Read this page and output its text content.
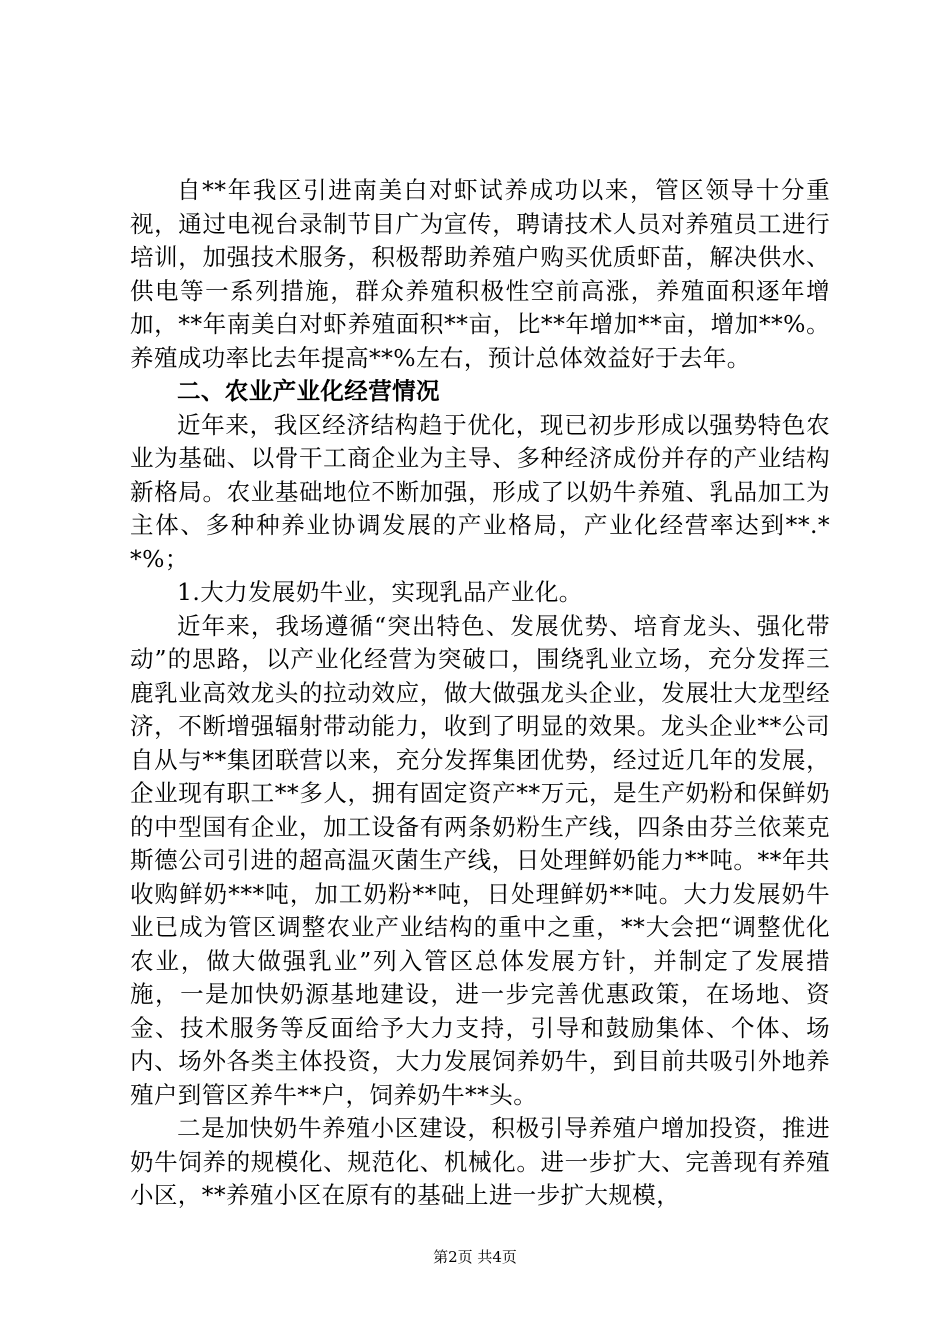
自**年我区引进南美白对虾试养成功以来，管区领导十分重视，通过电视台录制节目广为宣传，聘请技术人员对养殖员工进行培训，加强技术服务，积极帮助养殖户购买优质虾苗，解决供水、供电等一系列措施，群众养殖积极性空前高涨，养殖面积逐年增加，**年南美白对虾养殖面积**亩，比**年增加**亩，增加**%。养殖成功率比去年提高**%左右，预计总体效益好于去年。

二、农业产业化经营情况

近年来，我区经济结构趋于优化，现已初步形成以强势特色农业为基础、以骨干工商企业为主导、多种经济成份并存的产业结构新格局。农业基础地位不断加强，形成了以奶牛养殖、乳品加工为主体、多种种养业协调发展的产业格局，产业化经营率达到**.**%；

1.大力发展奶牛业，实现乳品产业化。

近年来，我场遵循“突出特色、发展优势、培育龙头、强化带动”的思路，以产业化经营为突破口，围绕乳业立场，充分发挥三鹿乳业高效龙头的拉动效应，做大做强龙头企业，发展壮大龙型经济，不断增强辐射带动能力，收到了明显的效果。龙头企业**公司自从与**集团联营以来，充分发挥集团优势，经过近几年的发展，企业现有职工**多人，拥有固定资产**万元，是生产奶粉和保鲜奶的中型国有企业，加工设备有两条奶粉生产线，四条由芬兰依莱克斯德公司引进的超高温灭菌生产线，日处理鲜奶能力**吨。**年共收购鲜奶***吨，加工奶粉**吨，日处理鲜奶**吨。大力发展奶牛业已成为管区调整农业产业结构的重中之重，**大会把“调整优化农业，做大做强乳业”列入管区总体发展方针，并制定了发展措施，一是加快奶源基地建设，进一步完善优惠政策，在场地、资金、技术服务等反面给予大力支持，引导和鼓励集体、个体、场内、场外各类主体投资，大力发展饲养奶牛，到目前共吸引外地养殖户到管区养牛**户，饲养奶牛**头。

二是加快奶牛养殖小区建设，积极引导养殖户增加投资，推进奶牛饲养的规模化、规范化、机械化。进一步扩大、完善现有养殖小区，**养殖小区在原有的基础上进一步扩大规模，

第2页 共4页
